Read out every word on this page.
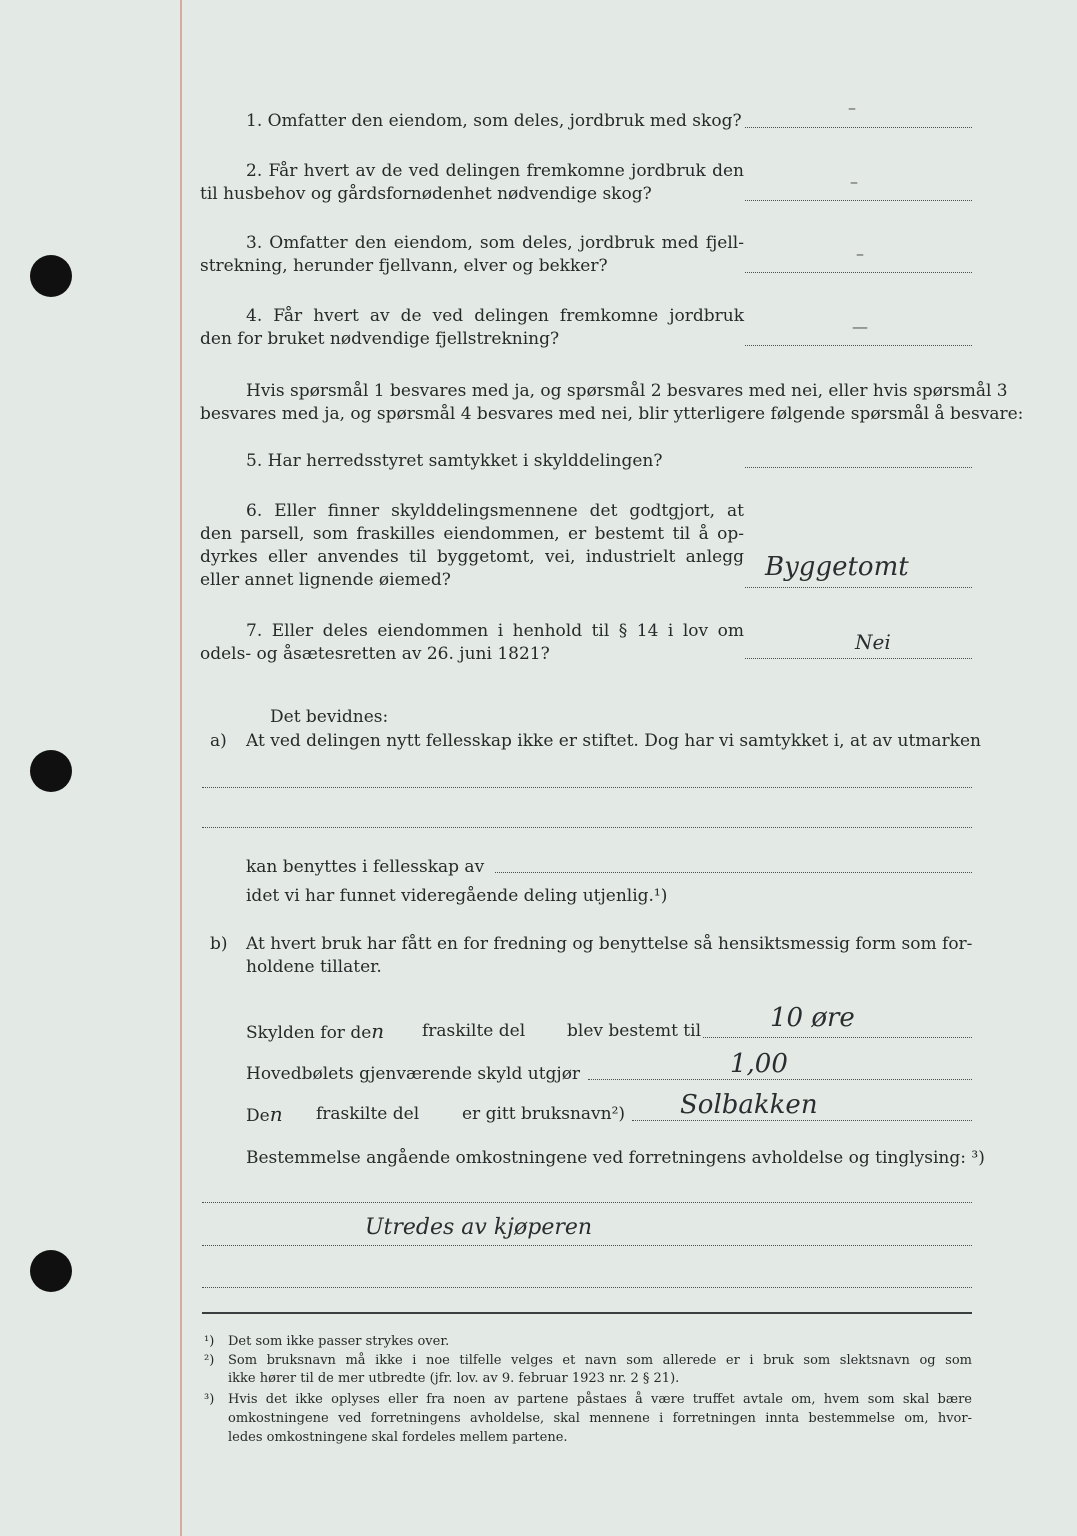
1. Omfatter den eiendom, som deles, jordbruk med skog?
–
2. Får hvert av de ved delingen fremkomne jordbruk den
til husbehov og gårdsfornødenhet nødvendige skog?
–
3. Omfatter den eiendom, som deles, jordbruk med fjell-
strekning, herunder fjellvann, elver og bekker?
–
4. Får hvert av de ved delingen fremkomne jordbruk
den for bruket nødvendige fjellstrekning?
—
Hvis spørsmål 1 besvares med ja, og spørsmål 2 besvares med nei, eller hvis spørsmål 3
besvares med ja, og spørsmål 4 besvares med nei, blir ytterligere følgende spørsmål å besvare:
5. Har herredsstyret samtykket i skylddelingen?
6. Eller finner skylddelingsmennene det godtgjort, at
den parsell, som fraskilles eiendommen, er bestemt til å op-
dyrkes eller anvendes til byggetomt, vei, industrielt anlegg
eller annet lignende øiemed?	Byggetomt
7. Eller deles eiendommen i henhold til § 14 i lov om
odels- og åsætesretten av 26. juni 1821?	Nei
Det bevidnes:
a) At ved delingen nytt fellesskap ikke er stiftet. Dog har vi samtykket i, at av utmarken
kan benyttes i fellesskap av
idet vi har funnet videregående deling utjenlig.¹)
b) At hvert bruk har fått en for fredning og benyttelse så hensiktsmessig form som for-
holdene tillater.
Skylden for den fraskilte del blev bestemt til	10 øre
Hovedbølets gjenværende skyld utgjør	1,00
Den fraskilte del	er gitt bruksnavn²) Solbakken
Bestemmelse angående omkostningene ved forretningens avholdelse og tinglysing: ³)
Utredes av kjøperen
¹) Det som ikke passer strykes over.
²) Som bruksnavn må ikke i noe tilfelle velges et navn som allerede er i bruk som slektsnavn og som
ikke hører til de mer utbredte (jfr. lov. av 9. februar 1923 nr. 2 § 21).
³) Hvis det ikke oplyses eller fra noen av partene påstaes å være truffet avtale om, hvem som skal bære
omkostningene ved forretningens avholdelse, skal mennene i forretningen innta bestemmelse om, hvor-
ledes omkostningene skal fordeles mellem partene.
